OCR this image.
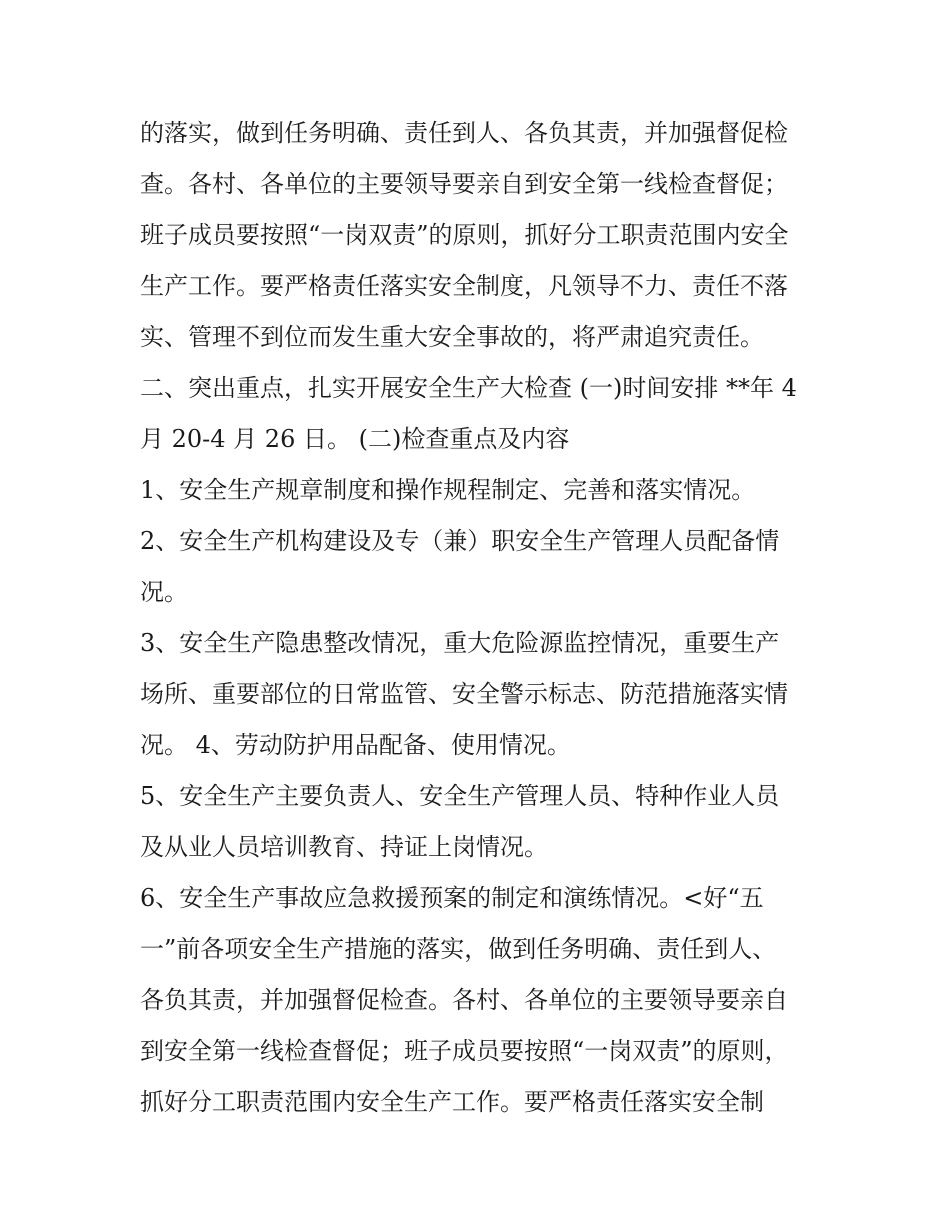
的落实，做到任务明确、责任到人、各负其责，并加强督促检
查。各村、各单位的主要领导要亲自到安全第一线检查督促；
班子成员要按照“一岗双责”的原则，抓好分工职责范围内安全
生产工作。要严格责任落实安全制度，凡领导不力、责任不落
实、管理不到位而发生重大安全事故的，将严肃追究责任。
二、突出重点，扎实开展安全生产大检查 (一)时间安排 **年 4
月 20-4 月 26 日。 (二)检查重点及内容
1、安全生产规章制度和操作规程制定、完善和落实情况。
2、安全生产机构建设及专（兼）职安全生产管理人员配备情
况。
3、安全生产隐患整改情况，重大危险源监控情况，重要生产
场所、重要部位的日常监管、安全警示标志、防范措施落实情
况。 4、劳动防护用品配备、使用情况。
5、安全生产主要负责人、安全生产管理人员、特种作业人员
及从业人员培训教育、持证上岗情况。
6、安全生产事故应急救援预案的制定和演练情况。<好“五
一”前各项安全生产措施的落实，做到任务明确、责任到人、
各负其责，并加强督促检查。各村、各单位的主要领导要亲自
到安全第一线检查督促；班子成员要按照“一岗双责”的原则，
抓好分工职责范围内安全生产工作。要严格责任落实安全制
